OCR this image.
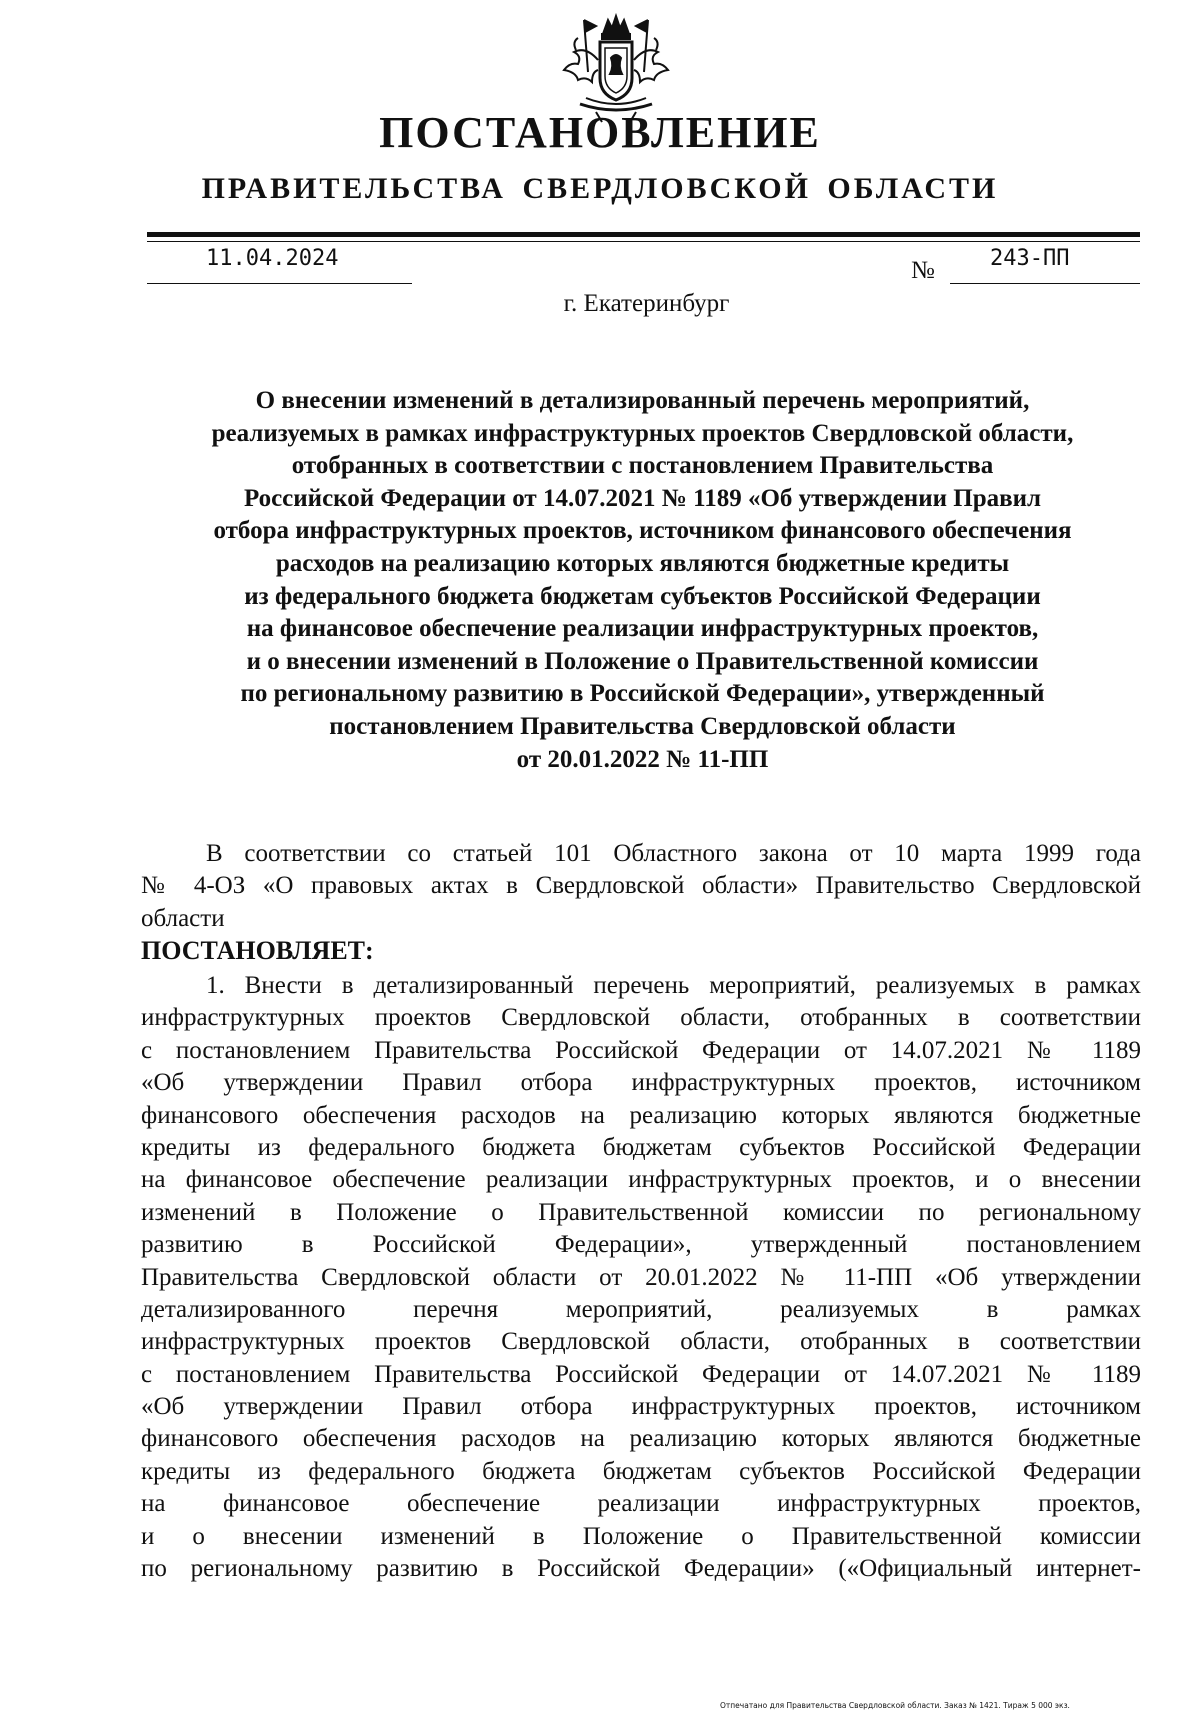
ПОСТАНОВЛЕНИЕ
ПРАВИТЕЛЬСТВА СВЕРДЛОВСКОЙ ОБЛАСТИ
11.04.2024	№	243-ПП
г. Екатеринбург
О внесении изменений в детализированный перечень мероприятий,
реализуемых в рамках инфраструктурных проектов Свердловской области,
отобранных в соответствии с постановлением Правительства
Российской Федерации от 14.07.2021 № 1189 «Об утверждении Правил
отбора инфраструктурных проектов, источником финансового обеспечения
расходов на реализацию которых являются бюджетные кредиты
из федерального бюджета бюджетам субъектов Российской Федерации
на финансовое обеспечение реализации инфраструктурных проектов,
и о внесении изменений в Положение о Правительственной комиссии
по региональному развитию в Российской Федерации», утвержденный
постановлением Правительства Свердловской области
от 20.01.2022 № 11-ПП
В соответствии со статьей 101 Областного закона от 10 марта 1999 года
№ 4-ОЗ «О правовых актах в Свердловской области» Правительство Свердловской
области
ПОСТАНОВЛЯЕТ:
1. Внести в детализированный перечень мероприятий, реализуемых в рамках
инфраструктурных проектов Свердловской области, отобранных в соответствии
с постановлением Правительства Российской Федерации от 14.07.2021 № 1189
«Об утверждении Правил отбора инфраструктурных проектов, источником
финансового обеспечения расходов на реализацию которых являются бюджетные
кредиты из федерального бюджета бюджетам субъектов Российской Федерации
на финансовое обеспечение реализации инфраструктурных проектов, и о внесении
изменений в Положение о Правительственной комиссии по региональному
развитию в Российской Федерации», утвержденный постановлением
Правительства Свердловской области от 20.01.2022 № 11-ПП «Об утверждении
детализированного перечня мероприятий, реализуемых в рамках
инфраструктурных проектов Свердловской области, отобранных в соответствии
с постановлением Правительства Российской Федерации от 14.07.2021 № 1189
«Об утверждении Правил отбора инфраструктурных проектов, источником
финансового обеспечения расходов на реализацию которых являются бюджетные
кредиты из федерального бюджета бюджетам субъектов Российской Федерации
на финансовое обеспечение реализации инфраструктурных проектов,
и о внесении изменений в Положение о Правительственной комиссии
по региональному развитию в Российской Федерации» («Официальный интернет-
Отпечатано для Правительства Свердловской области. Заказ № 1421. Тираж 5 000 экз.
